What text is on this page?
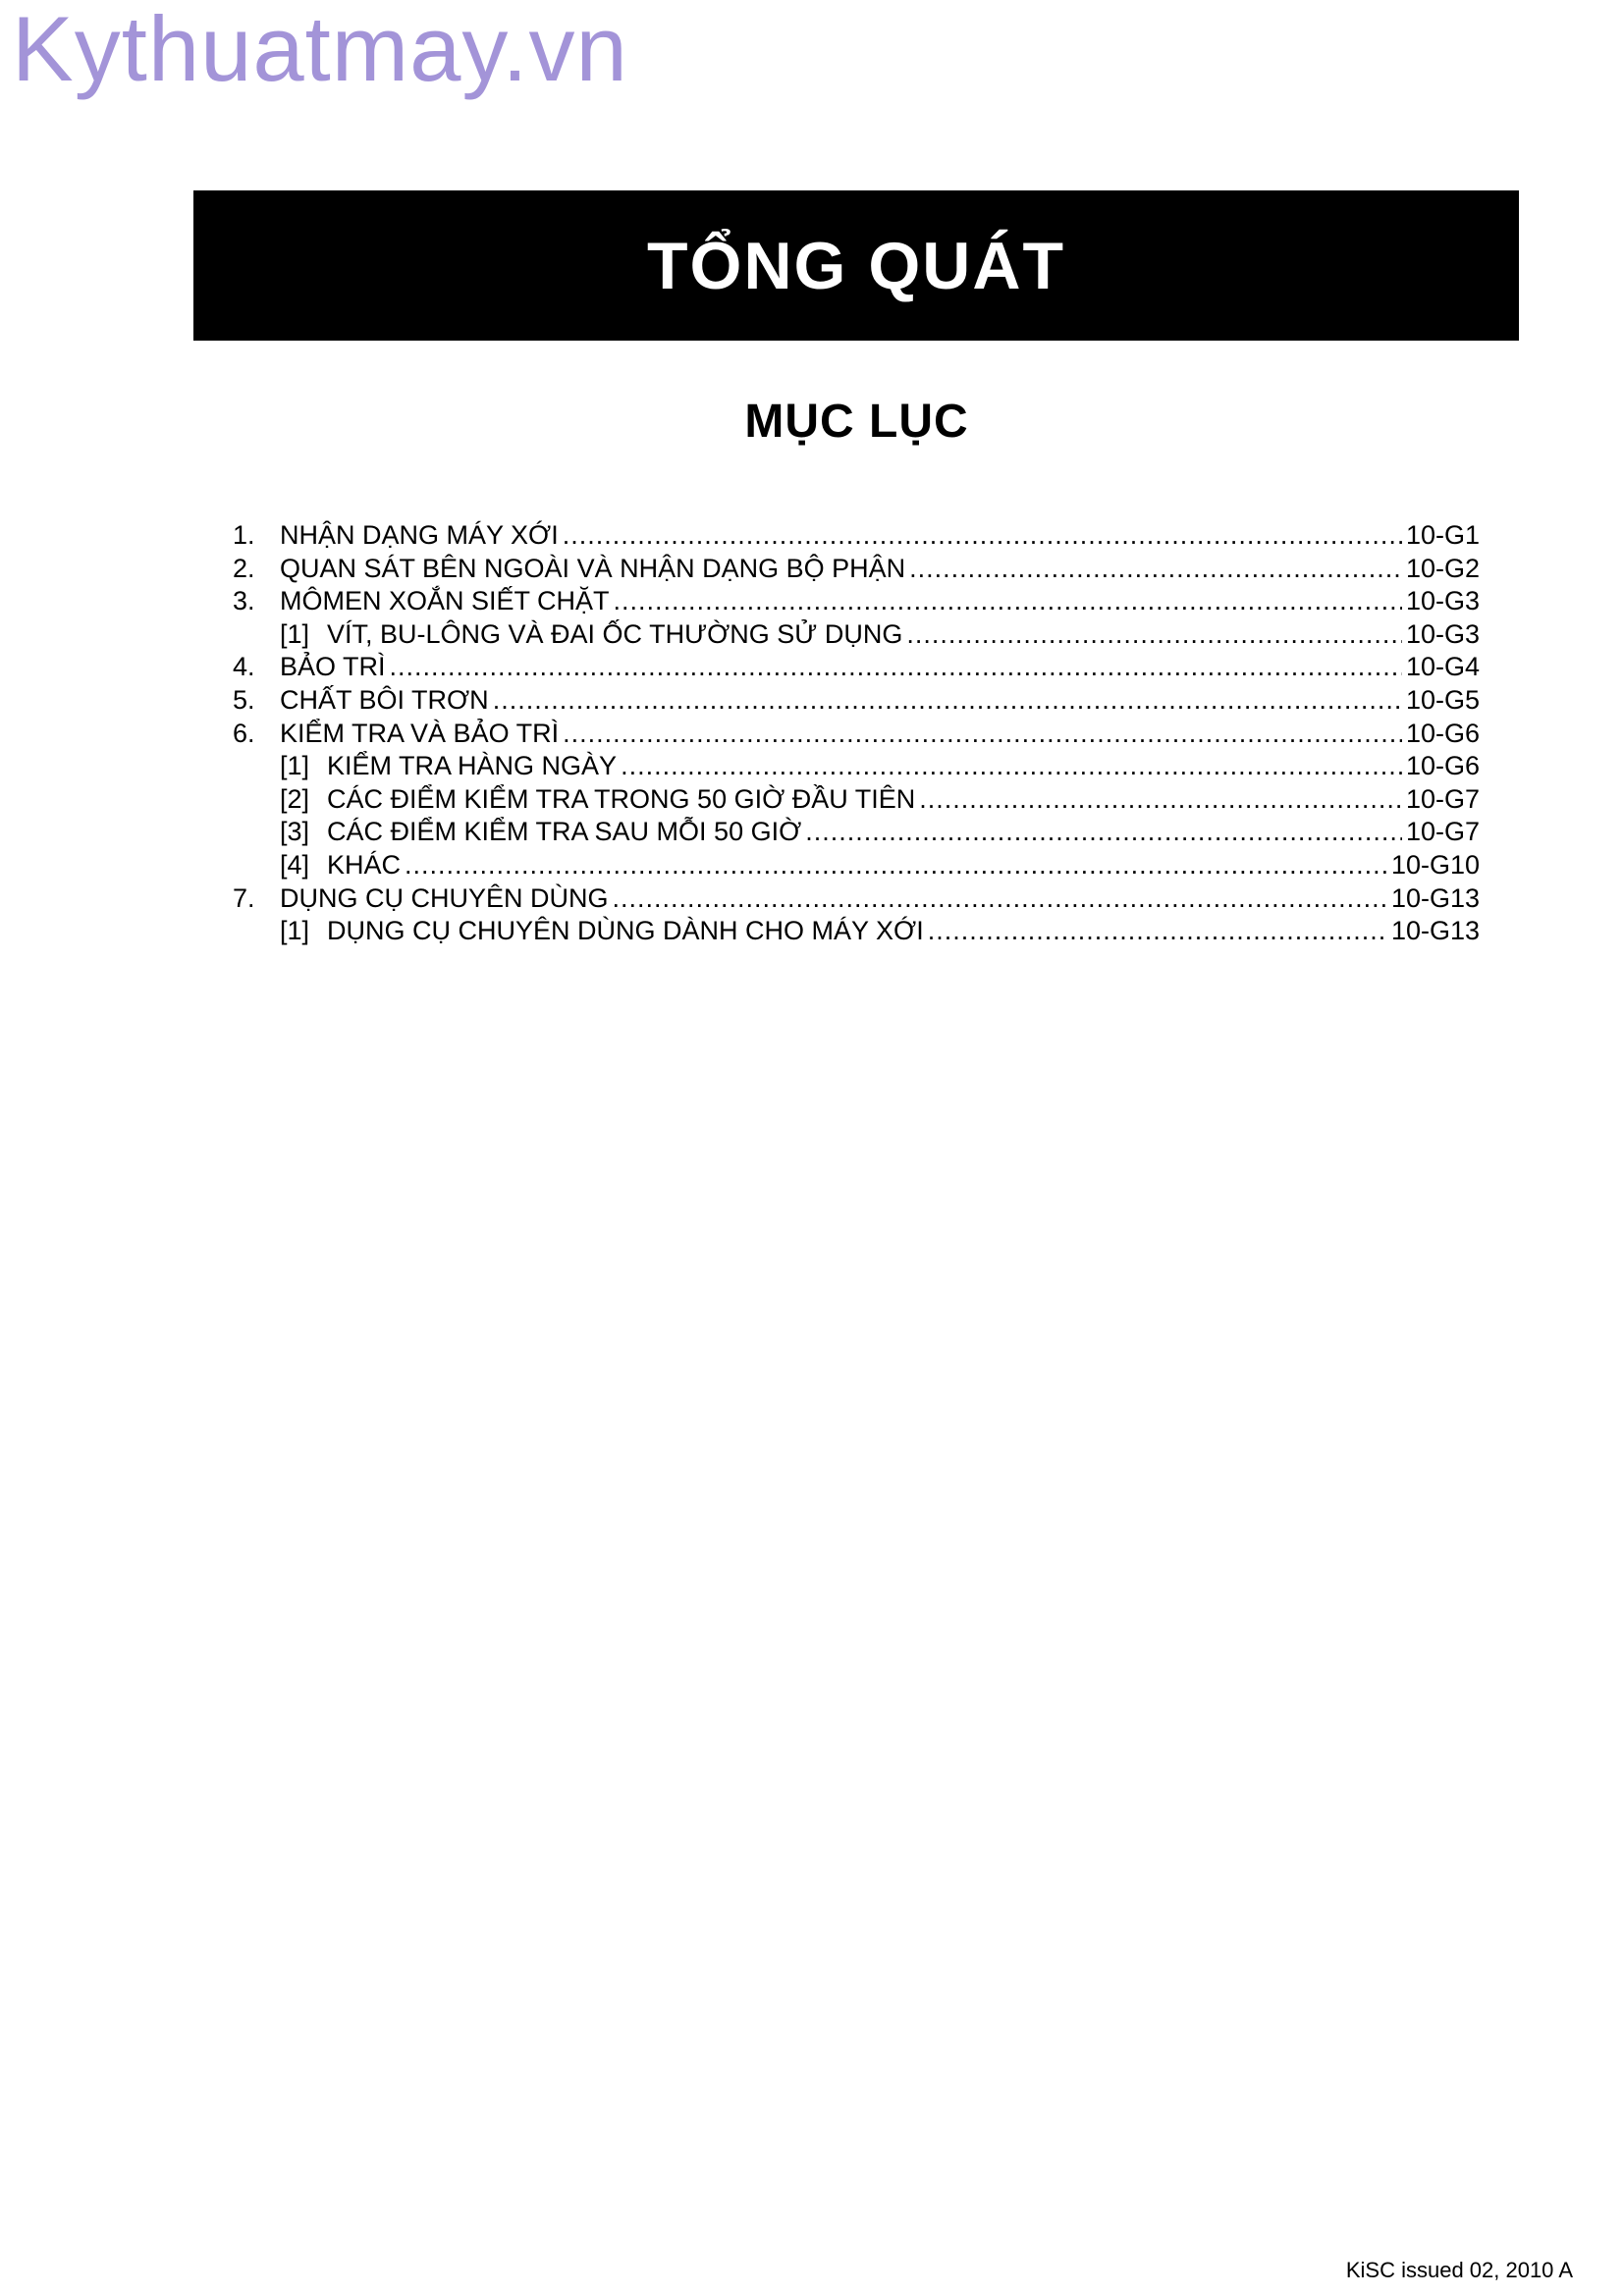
Kythuatmay.vn
TỔNG QUÁT
MỤC LỤC
1. NHẬN DẠNG MÁY XỚI .....	10-G1
2. QUAN SÁT BÊN NGOÀI VÀ NHẬN DẠNG BỘ PHẬN .....	10-G2
3. MÔMEN XOẮN SIẾT CHẶT .....	10-G3
[1] VÍT, BU-LÔNG VÀ ĐAI ỐC THƯỜNG SỬ DỤNG .....	10-G3
4. BẢO TRÌ .....	10-G4
5. CHẤT BÔI TRƠN .....	10-G5
6. KIỂM TRA VÀ BẢO TRÌ .....	10-G6
[1] KIỂM TRA HÀNG NGÀY .....	10-G6
[2] CÁC ĐIỂM KIỂM TRA TRONG 50 GIỜ ĐẦU TIÊN .....	10-G7
[3] CÁC ĐIỂM KIỂM TRA SAU MỖI 50 GIỜ .....	10-G7
[4] KHÁC .....	10-G10
7. DỤNG CỤ CHUYÊN DÙNG .....	10-G13
[1] DỤNG CỤ CHUYÊN DÙNG DÀNH CHO MÁY XỚI .....	10-G13
KiSC issued 02, 2010 A
